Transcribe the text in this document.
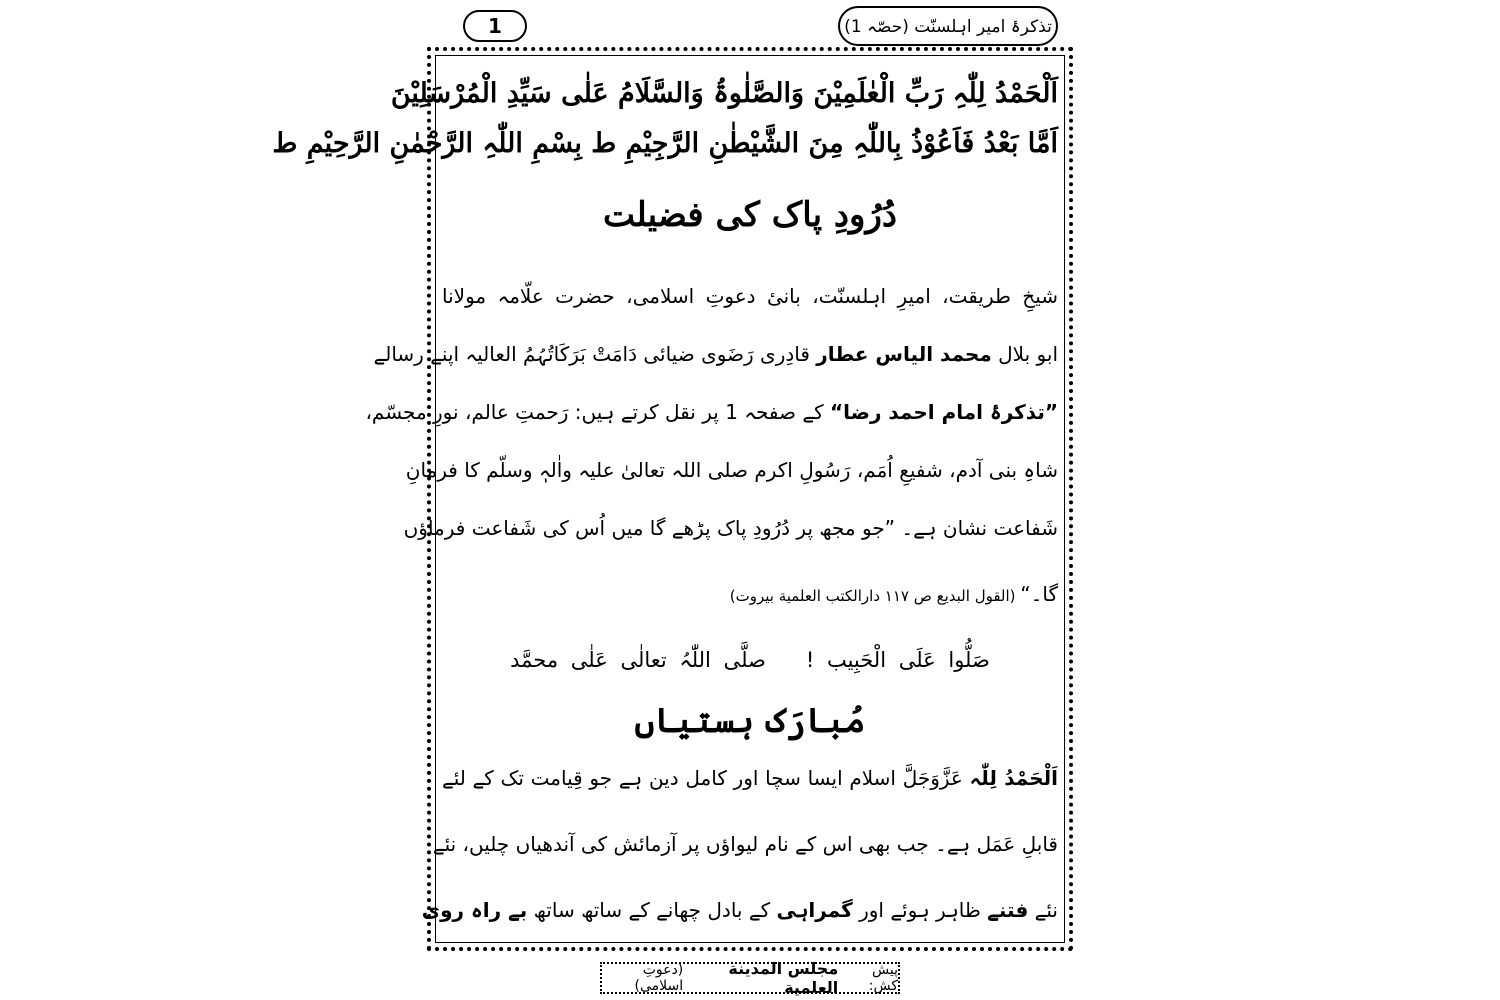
1	تذکرۂ امیر اہلسنّت (حصّہ 1)
اَلْحَمْدُ لِلّٰہِ رَبِّ الْعٰلَمِیْنَ وَالصَّلٰوۃُ وَالسَّلَامُ عَلٰی سَیِّدِ الْمُرْسَلِیْنَ
اَمَّا بَعْدُ فَاَعُوْذُ بِاللّٰہِ مِنَ الشَّیْطٰنِ الرَّجِیْمِ ط بِسْمِ اللّٰہِ الرَّحْمٰنِ الرَّحِیْمِ ط
دُرُودِ پاک کی فضیلت
شیخِ طریقت، امیرِ اہلسنّت، بانیٔ دعوتِ اسلامی، حضرت علّامہ مولانا
ابو بلال محمد الیاس عطار قادِری رَضَوی ضیائی دَامَتْ بَرَکَاتُہُمُ العالیہ اپنے رسالے
”تذکرۂ امام احمد رضا“ کے صفحہ 1 پر نقل کرتے ہیں: رَحمتِ عالم، نورِ مجسّم،
شاہِ بنی آدم، شفیعِ اُمَم، رَسُولِ اکرم صلی اللہ تعالیٰ علیہ واٰلہٖ وسلّم کا فرمانِ
شَفاعت نشان ہے۔ ”جو مجھ پر دُرُودِ پاک پڑھے گا میں اُس کی شَفاعت فرماؤں
گا۔“ (القول البدیع ص ۱۱۷ دارالکتب العلمیة بیروت)
صَلُّوا عَلَی الْحَبِیب !صلَّی اللّٰہُ تعالٰی عَلٰی محمَّد
مُبارَک ہستیاں
اَلْحَمْدُ لِلّٰہ عَزَّوَجَلَّ اسلام ایسا سچا اور کامل دین ہے جو قِیامت تک کے لئے
قابلِ عَمَل ہے۔ جب بھی اس کے نام لیواؤں پر آزمائش کی آندھیاں چلیں، نئے
نئے فتنے ظاہر ہوئے اور گمراہی کے بادل چھانے کے ساتھ ساتھ بے راہ روی
پیش کش:
مجلس المدینة العلمیة
(دعوتِ اسلامی)
